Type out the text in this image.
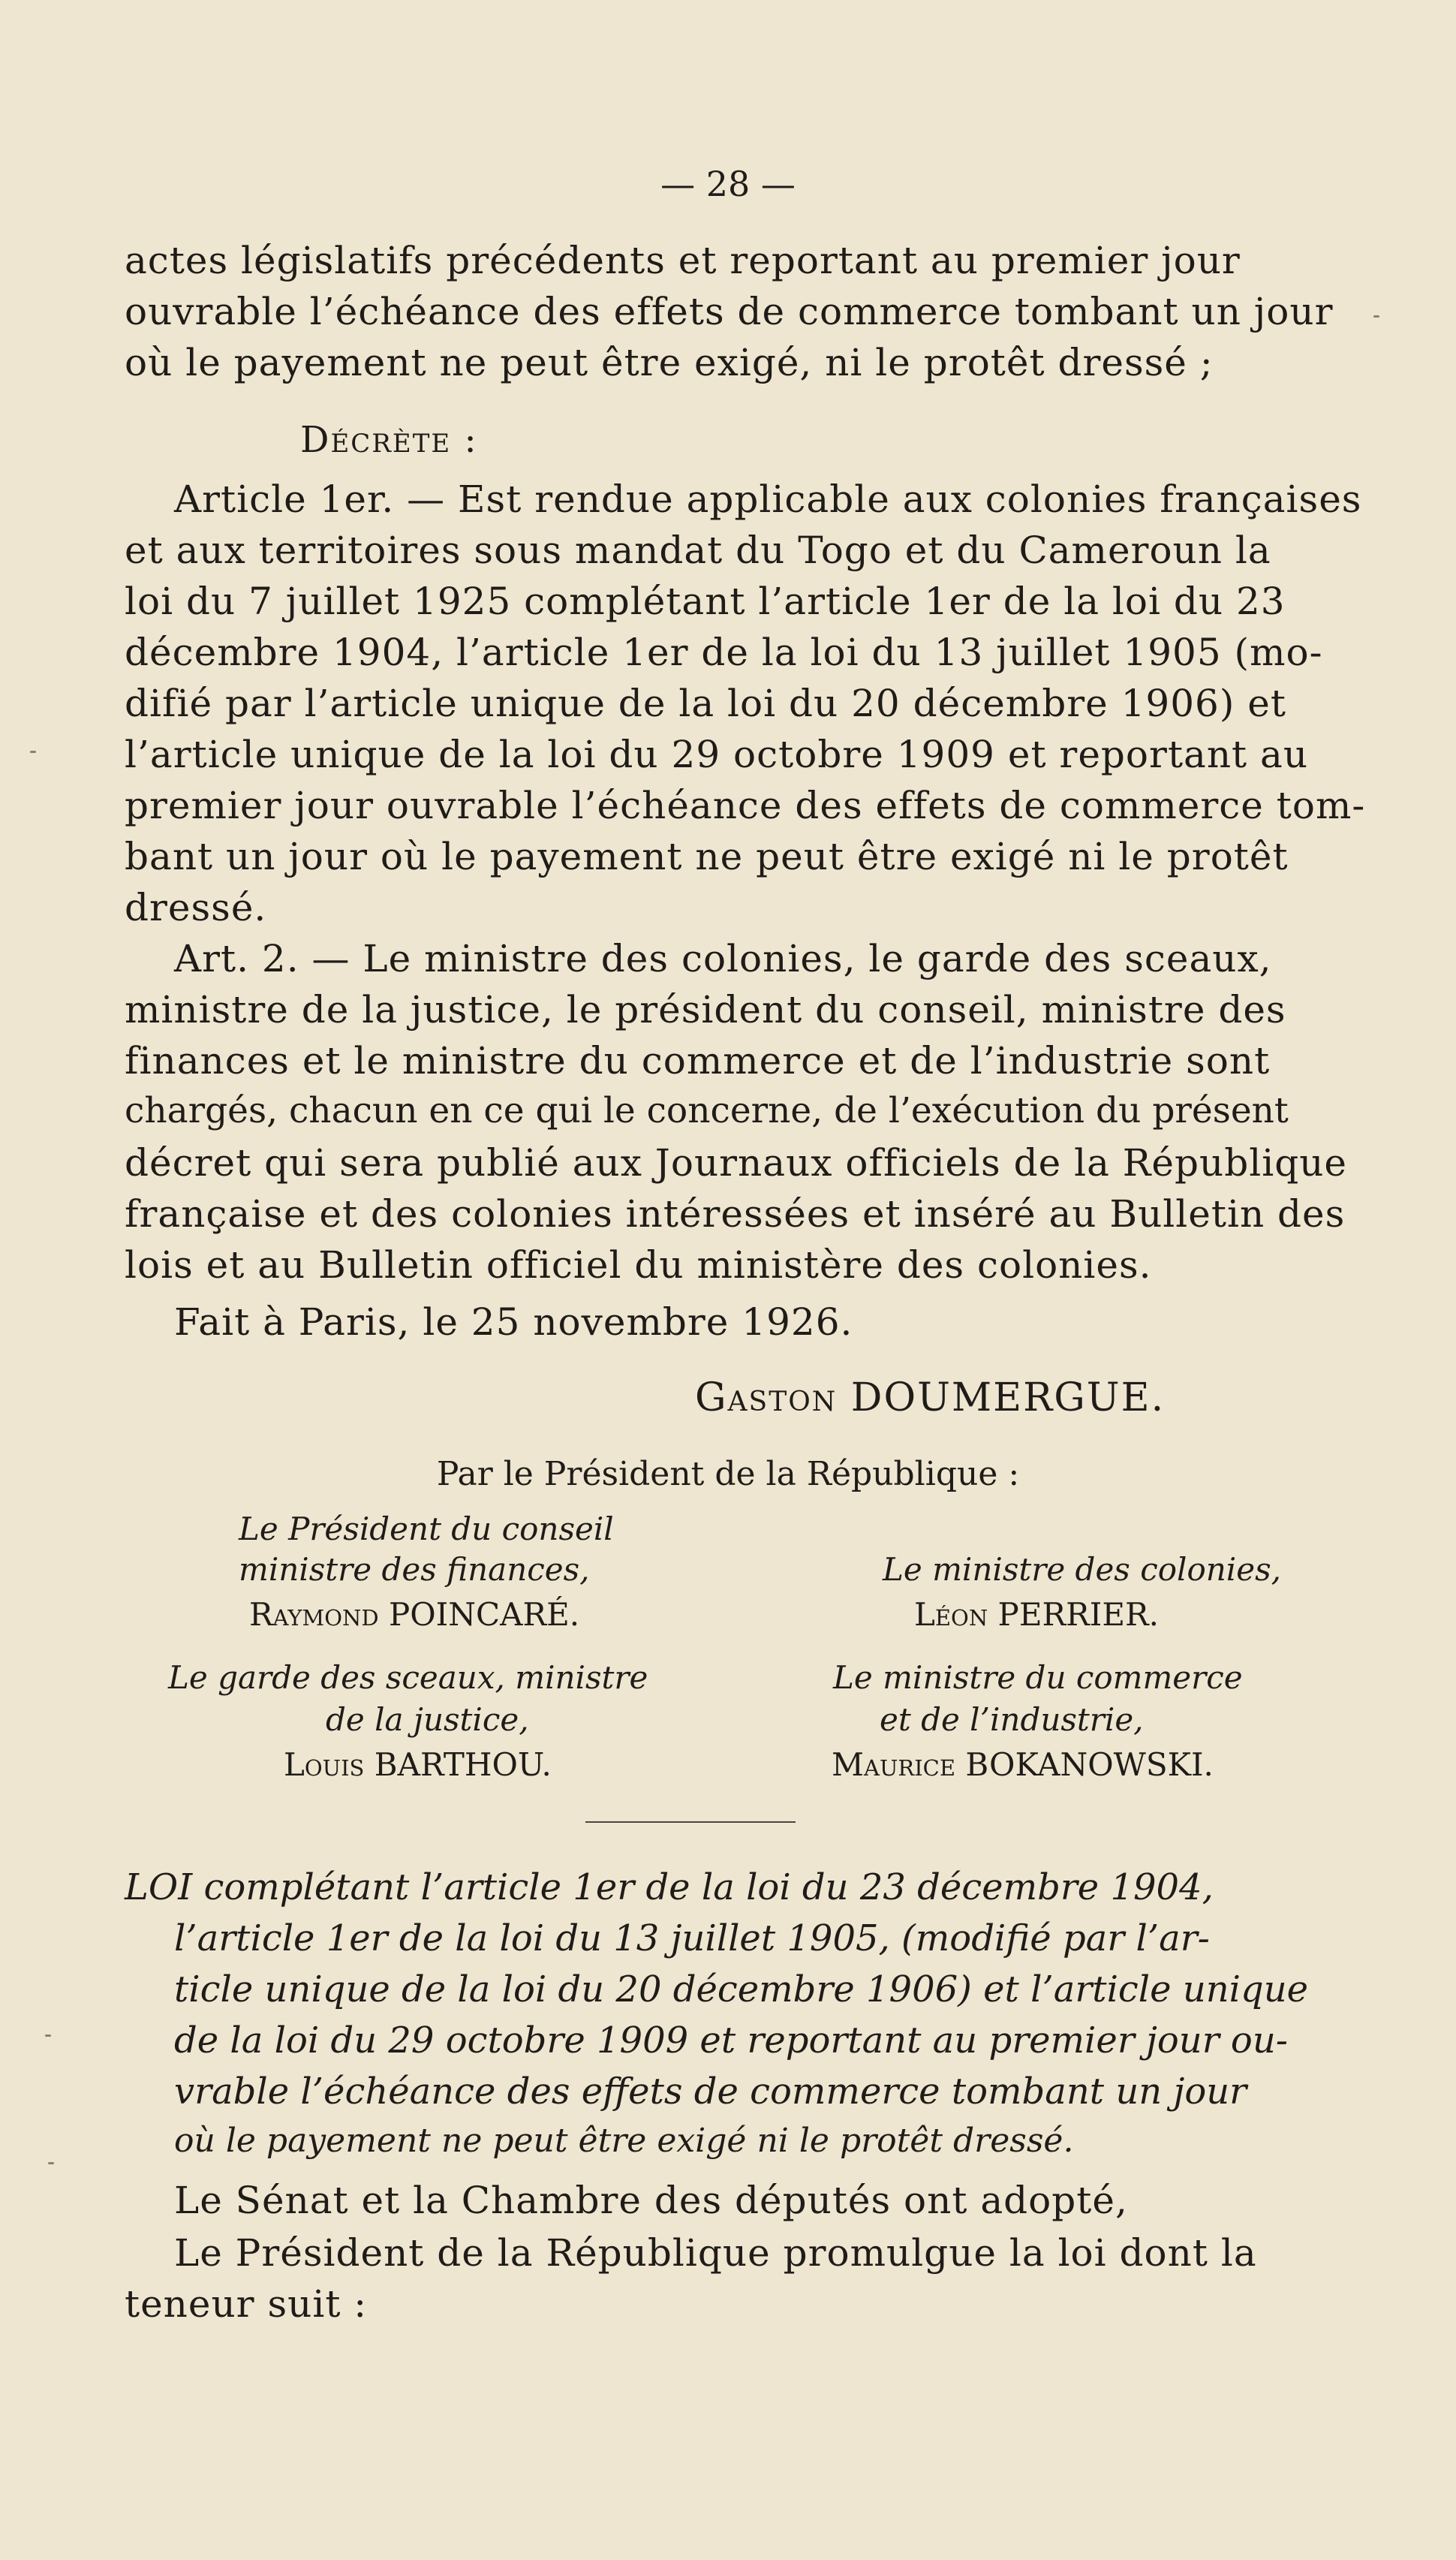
— 28 —
actes législatifs précédents et reportant au premier jour
ouvrable l’échéance des effets de commerce tombant un jour
où le payement ne peut être exigé, ni le protêt dressé ;
Décrète :
Article 1er. — Est rendue applicable aux colonies françaises
et aux territoires sous mandat du Togo et du Cameroun la
loi du 7 juillet 1925 complétant l’article 1er de la loi du 23
décembre 1904, l’article 1er de la loi du 13 juillet 1905 (mo-
difié par l’article unique de la loi du 20 décembre 1906) et
l’article unique de la loi du 29 octobre 1909 et reportant au
premier jour ouvrable l’échéance des effets de commerce tom-
bant un jour où le payement ne peut être exigé ni le protêt
dressé.
Art. 2. — Le ministre des colonies, le garde des sceaux,
ministre de la justice, le président du conseil, ministre des
finances et le ministre du commerce et de l’industrie sont
chargés, chacun en ce qui le concerne, de l’exécution du présent
décret qui sera publié aux Journaux officiels de la République
française et des colonies intéressées et inséré au Bulletin des
lois et au Bulletin officiel du ministère des colonies.
Fait à Paris, le 25 novembre 1926.
Gaston DOUMERGUE.
Par le Président de la République :
Le Président du conseil
ministre des finances,
Raymond POINCARÉ.
Le ministre des colonies,
Léon PERRIER.
Le garde des sceaux, ministre
de la justice,
Louis BARTHOU.
Le ministre du commerce
et de l’industrie,
Maurice BOKANOWSKI.
LOI complétant l’article 1er de la loi du 23 décembre 1904,
l’article 1er de la loi du 13 juillet 1905, (modifié par l’ar-
ticle unique de la loi du 20 décembre 1906) et l’article unique
de la loi du 29 octobre 1909 et reportant au premier jour ou-
vrable l’échéance des effets de commerce tombant un jour
où le payement ne peut être exigé ni le protêt dressé.
Le Sénat et la Chambre des députés ont adopté,
Le Président de la République promulgue la loi dont la
teneur suit :
